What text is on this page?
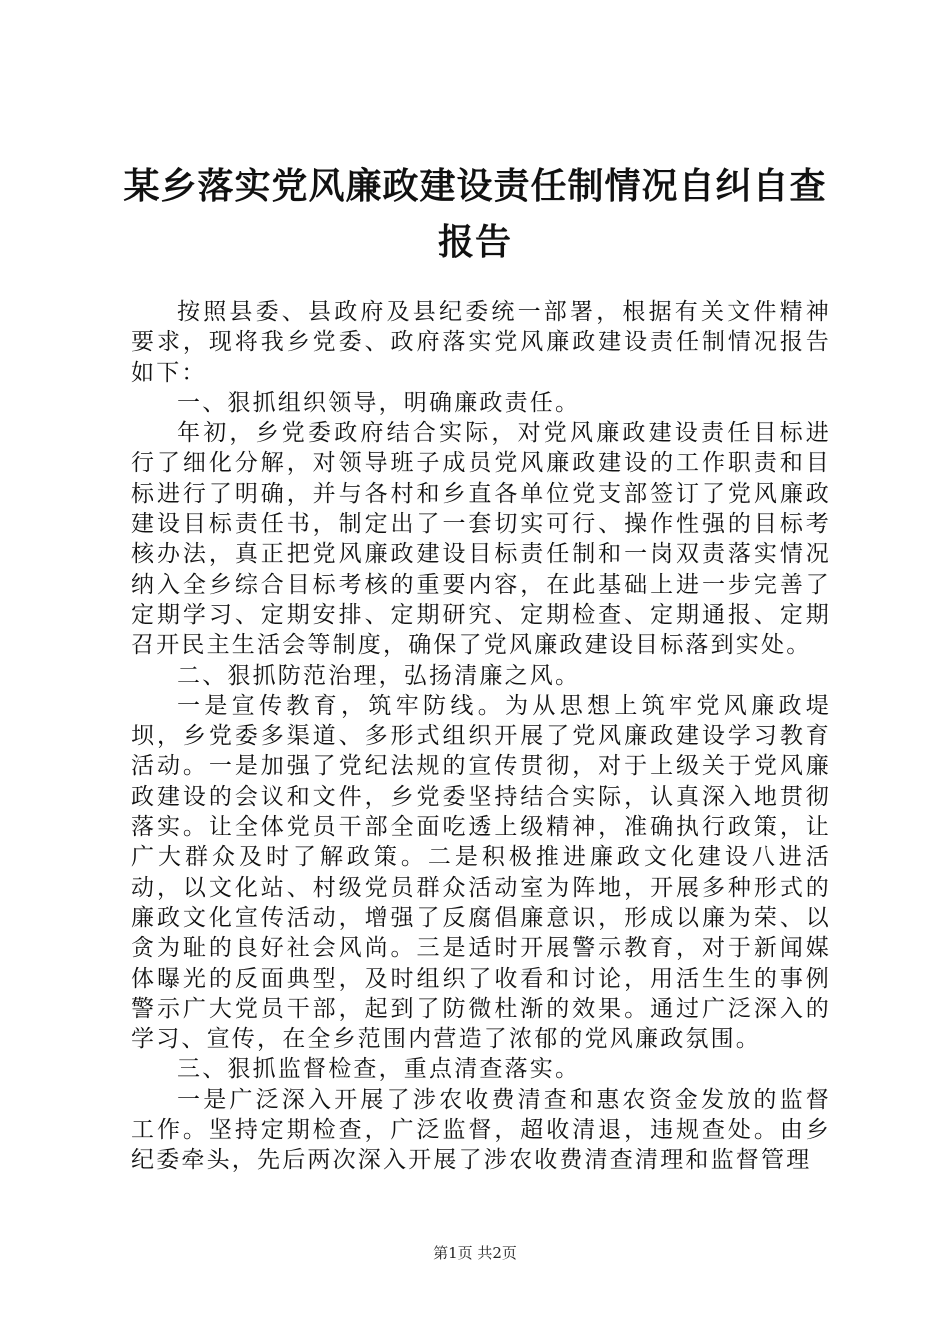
某乡落实党风廉政建设责任制情况自纠自查报告

按照县委、县政府及县纪委统一部署，根据有关文件精神要求，现将我乡党委、政府落实党风廉政建设责任制情况报告如下：

一、狠抓组织领导，明确廉政责任。

年初，乡党委政府结合实际，对党风廉政建设责任目标进行了细化分解，对领导班子成员党风廉政建设的工作职责和目标进行了明确，并与各村和乡直各单位党支部签订了党风廉政建设目标责任书，制定出了一套切实可行、操作性强的目标考核办法，真正把党风廉政建设目标责任制和一岗双责落实情况纳入全乡综合目标考核的重要内容，在此基础上进一步完善了定期学习、定期安排、定期研究、定期检查、定期通报、定期召开民主生活会等制度，确保了党风廉政建设目标落到实处。

二、狠抓防范治理，弘扬清廉之风。

一是宣传教育，筑牢防线。为从思想上筑牢党风廉政堤坝，乡党委多渠道、多形式组织开展了党风廉政建设学习教育活动。一是加强了党纪法规的宣传贯彻，对于上级关于党风廉政建设的会议和文件，乡党委坚持结合实际，认真深入地贯彻落实。让全体党员干部全面吃透上级精神，准确执行政策，让广大群众及时了解政策。二是积极推进廉政文化建设八进活动，以文化站、村级党员群众活动室为阵地，开展多种形式的廉政文化宣传活动，增强了反腐倡廉意识，形成以廉为荣、以贪为耻的良好社会风尚。三是适时开展警示教育，对于新闻媒体曝光的反面典型，及时组织了收看和讨论，用活生生的事例警示广大党员干部，起到了防微杜渐的效果。通过广泛深入的学习、宣传，在全乡范围内营造了浓郁的党风廉政氛围。

三、狠抓监督检查，重点清查落实。

一是广泛深入开展了涉农收费清查和惠农资金发放的监督工作。坚持定期检查，广泛监督，超收清退，违规查处。由乡纪委牵头，先后两次深入开展了涉农收费清查清理和监督管理

第1页 共2页
